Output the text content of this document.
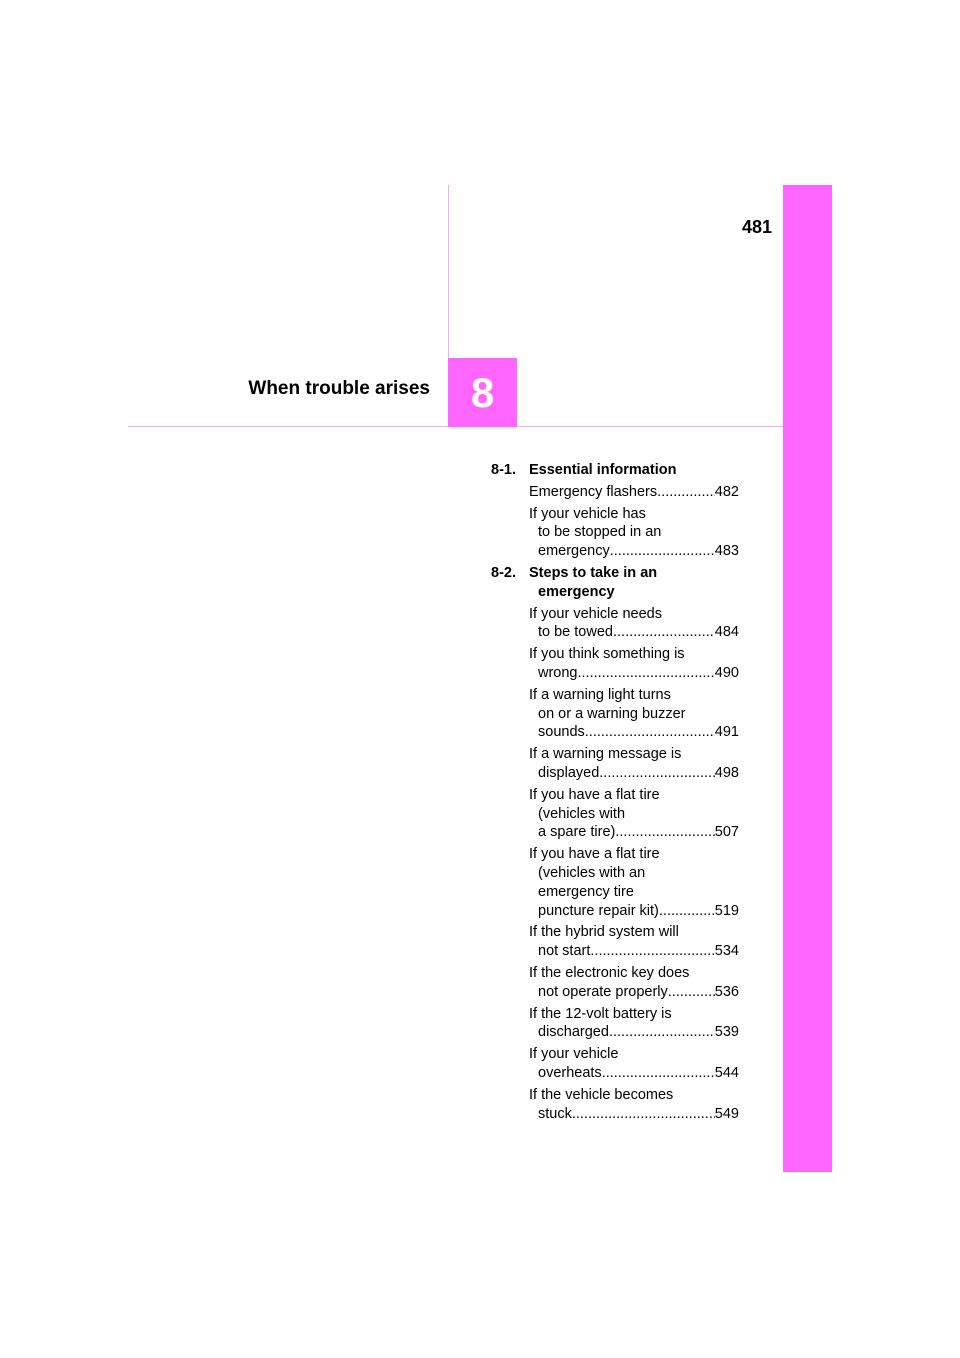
481
8
When trouble arises
8-1. Essential information
Emergency flashers .....	482
If your vehicle has
to be stopped in an
emergency .....	483
8-2. Steps to take in an
emergency
If your vehicle needs
to be towed .....	484
If you think something is
wrong .....	490
If a warning light turns
on or a warning buzzer
sounds .....	491
If a warning message is
displayed .....	498
If you have a flat tire
(vehicles with
a spare tire) .....	507
If you have a flat tire
(vehicles with an
emergency tire
puncture repair kit) .....	519
If the hybrid system will
not start .....	534
If the electronic key does
not operate properly .....	536
If the 12-volt battery is
discharged .....	539
If your vehicle
overheats .....	544
If the vehicle becomes
stuck .....	549
